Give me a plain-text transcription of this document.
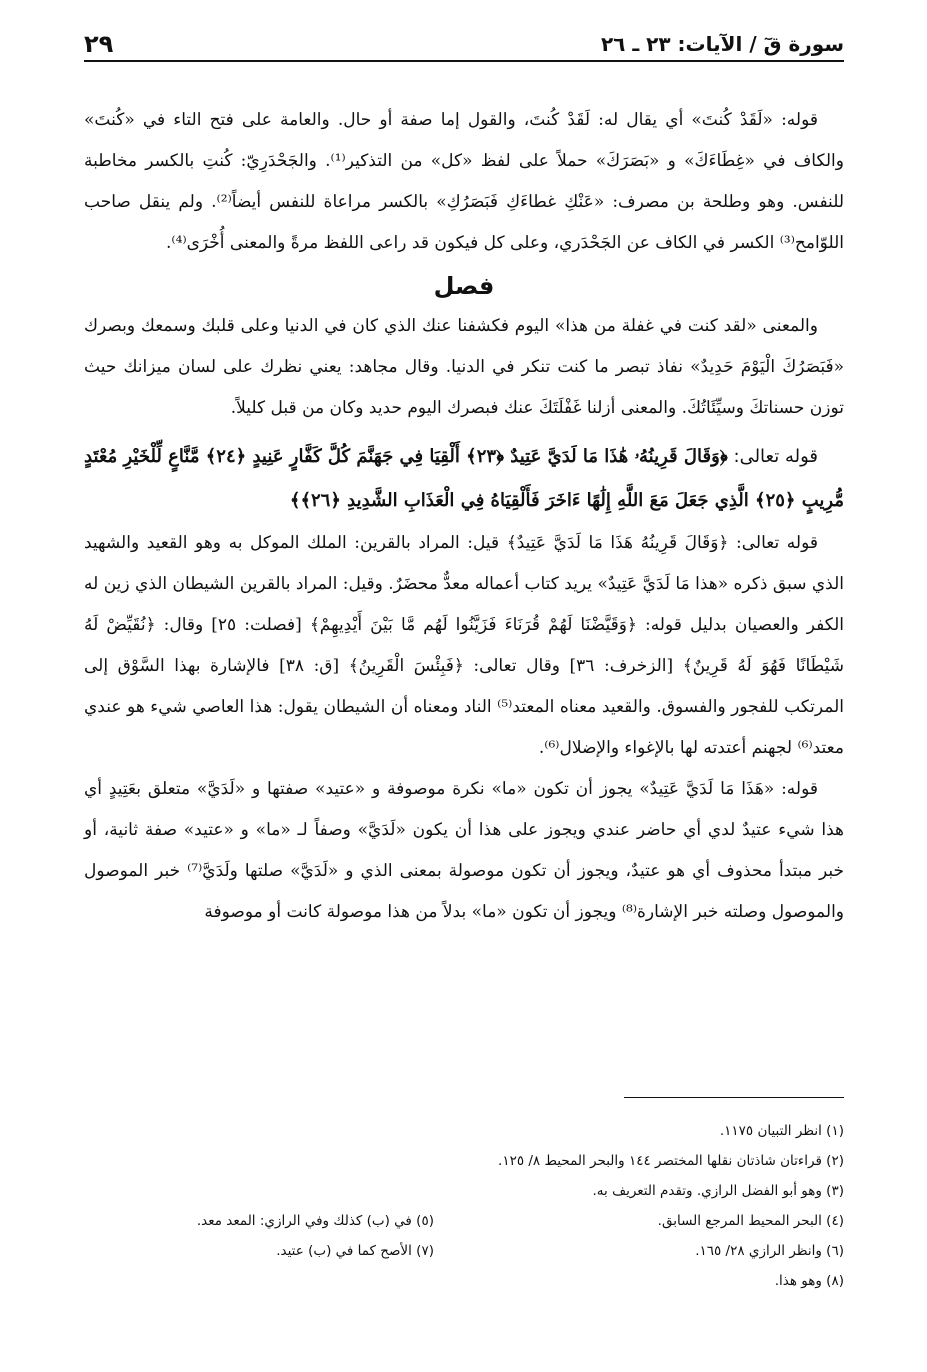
سورة قٓ / الآيات: ٢٣ ـ ٢٦
٢٩

قوله: «لَقَدْ كُنتَ» أي يقال له: لَقَدْ كُنتَ، والقول إما صفة أو حال. والعامة على فتح التاء في «كُنتَ» والكاف في «غِطَاءَكَ» و «بَصَرَكَ» حملاً على لفظ «كل» من التذكير⁽¹⁾. والجَحْدَرِيّ: كُنتِ بالكسر مخاطبة للنفس. وهو وطلحة بن مصرف: «عَنْكِ غطاءَكِ فَبَصَرُكِ» بالكسر مراعاة للنفس أيضاً⁽²⁾. ولم ينقل صاحب اللوّامح⁽³⁾ الكسر في الكاف عن الجَحْدَري، وعلى كل فيكون قد راعى اللفظ مرةً والمعنى أُخْرَى⁽⁴⁾.

فصل

والمعنى «لقد كنت في غفلة من هذا» اليوم فكشفنا عنك الذي كان في الدنيا وعلى قلبك وسمعك وبصرك «فَبَصَرُكَ الْيَوْمَ حَدِيدٌ» نفاذ تبصر ما كنت تنكر في الدنيا. وقال مجاهد: يعني نظرك على لسان ميزانك حيث توزن حسناتكَ وسيِّئَاتُكَ. والمعنى أزلنا غَفْلَتَكَ عنك فبصرك اليوم حديد وكان من قبل كليلاً.

قوله تعالى: ﴿وَقَالَ قَرِينُهُۥ هَٰذَا مَا لَدَيَّ عَتِيدٌ ﴿٢٣﴾ أَلْقِيَا فِي جَهَنَّمَ كُلَّ كَفَّارٍ عَنِيدٍ ﴿٢٤﴾ مَّنَّاعٍ لِّلْخَيْرِ مُعْتَدٍ مُّرِيبٍ ﴿٢٥﴾ الَّذِي جَعَلَ مَعَ اللَّهِ إِلَٰهًا ءَاخَرَ فَأَلْقِيَاهُ فِي الْعَذَابِ الشَّدِيدِ ﴿٢٦﴾﴾

قوله تعالى: ﴿وَقَالَ قَرِينُهُ هَذَا مَا لَدَيَّ عَتِيدٌ﴾ قيل: المراد بالقرين: الملك الموكل به وهو القعيد والشهيد الذي سبق ذكره «هذا مَا لَدَيَّ عَتِيدٌ» يريد كتاب أعماله معدٌّ محضَرٌ. وقيل: المراد بالقرين الشيطان الذي زين له الكفر والعصيان بدليل قوله: ﴿وَقَيَّضْنَا لَهُمْ قُرَنَاءَ فَزَيَّنُوا لَهُم مَّا بَيْنَ أَيْدِيهِمْ﴾ [فصلت: ٢٥] وقال: ﴿نُقَيِّضْ لَهُ شَيْطَانًا فَهُوَ لَهُ قَرِينٌ﴾ [الزخرف: ٣٦] وقال تعالى: ﴿فَبِئْسَ الْقَرِينُ﴾ [ق: ٣٨] فالإشارة بهذا السَّوْق إلى المرتكب للفجور والفسوق. والقعيد معناه المعتد⁽⁵⁾ الناد ومعناه أن الشيطان يقول: هذا العاصي شيء هو عندي معتد⁽⁶⁾ لجهنم أعتدته لها بالإغواء والإضلال⁽⁶⁾.

قوله: «هَذَا مَا لَدَيَّ عَتِيدٌ» يجوز أن تكون «ما» نكرة موصوفة و «عتيد» صفتها و «لَدَيَّ» متعلق بعَتِيدٍ أي هذا شيء عتيدٌ لدي أي حاضر عندي ويجوز على هذا أن يكون «لَدَيَّ» وصفاً لـ «ما» و «عتيد» صفة ثانية، أو خبر مبتدأ محذوف أي هو عتيدٌ، ويجوز أن تكون موصولة بمعنى الذي و «لَدَيَّ» صلتها ولَدَيَّ⁽⁷⁾ خبر الموصول والموصول وصلته خبر الإشارة⁽⁸⁾ ويجوز أن تكون «ما» بدلاً من هذا موصولة كانت أو موصوفة

(١) انظر التبيان ١١٧٥.
(٢) قراءتان شاذتان نقلها المختصر ١٤٤ والبحر المحيط ٨/ ١٢٥.
(٣) وهو أبو الفضل الرازي. وتقدم التعريف به.
(٤) البحر المحيط المرجع السابق.
(٥) في (ب) كذلك وفي الرازي: المعد معد.
(٦) وانظر الرازي ٢٨/ ١٦٥.
(٧) الأصح كما في (ب) عتيد.
(٨) وهو هذا.
